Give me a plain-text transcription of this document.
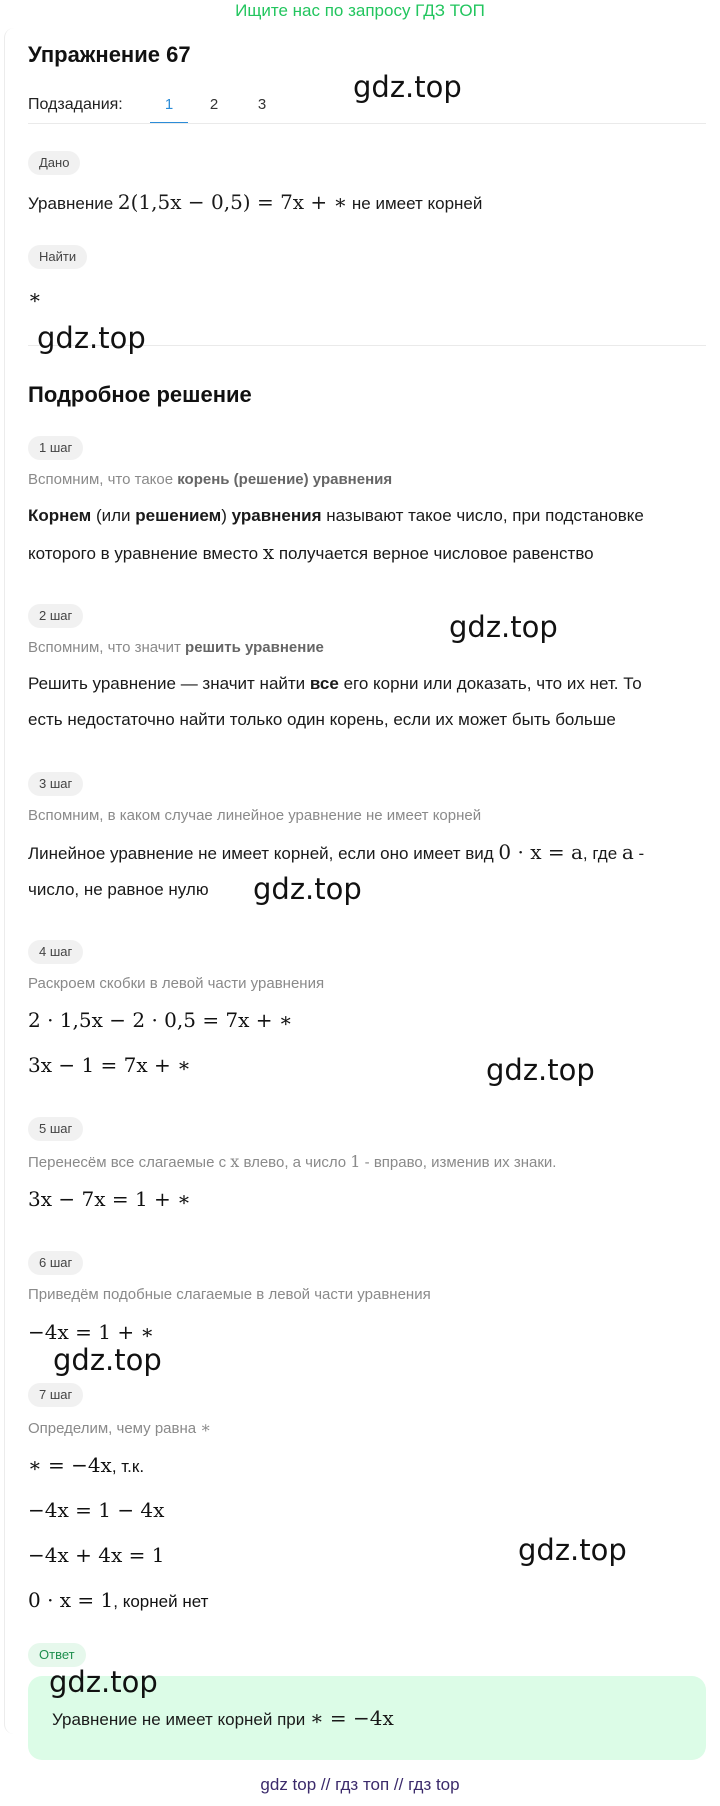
Ищите нас по запросу ГДЗ ТОП
Упражнение 67
Подзадания:	1	2	3
Дано
Уравнение 2(1,5x − 0,5) = 7x + ∗ не имеет корней
Найти
∗
Подробное решение
1 шаг
Вспомним, что такое корень (решение) уравнения
Корнем (или решением) уравнения называют такое число, при подстановке
которого в уравнение вместо x получается верное числовое равенство
2 шаг
Вспомним, что значит решить уравнение
Решить уравнение — значит найти все его корни или доказать, что их нет. То
есть недостаточно найти только один корень, если их может быть больше
3 шаг
Вспомним, в каком случае линейное уравнение не имеет корней
Линейное уравнение не имеет корней, если оно имеет вид 0 · x = a, где a -
число, не равное нулю
4 шаг
Раскроем скобки в левой части уравнения
2 · 1,5x − 2 · 0,5 = 7x + ∗
3x − 1 = 7x + ∗
5 шаг
Перенесём все слагаемые с x влево, а число 1 - вправо, изменив их знаки.
3x − 7x = 1 + ∗
6 шаг
Приведём подобные слагаемые в левой части уравнения
−4x = 1 + ∗
7 шаг
Определим, чему равна ∗
∗ = −4x, т.к.
−4x = 1 − 4x
−4x + 4x = 1
0 · x = 1, корней нет
Ответ
Уравнение не имеет корней при ∗ = −4x
gdz.top
gdz.top
gdz.top
gdz.top
gdz.top
gdz.top
gdz.top
gdz.top
gdz top // гдз топ // гдз top
